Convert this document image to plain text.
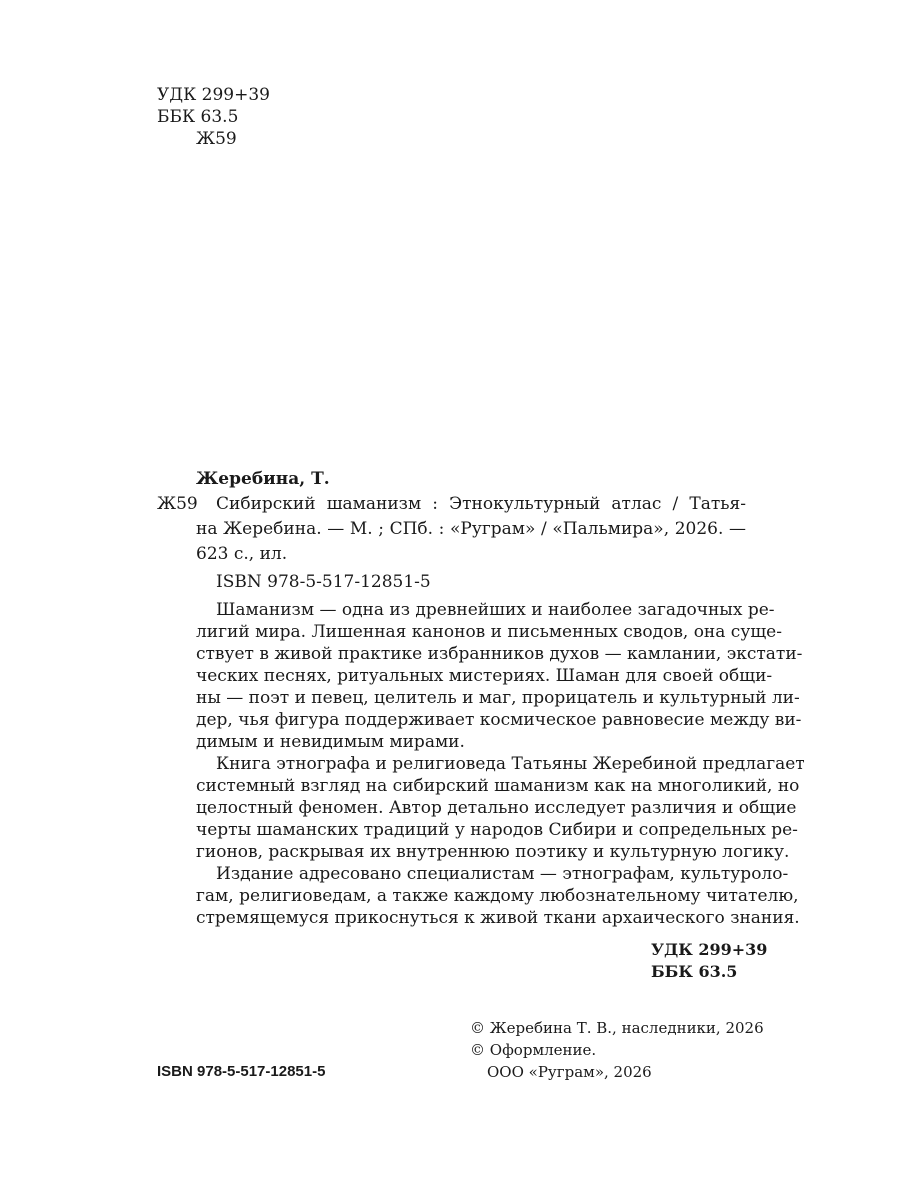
УДК 299+39
ББК 63.5
Ж59
Жеребина, Т.
Ж59 Сибирский шаманизм : Этнокультурный атлас / Татья-
на Жеребина. — М. ; СПб. : «Руграм» / «Пальмира», 2026. —
623 с., ил.
ISBN 978-5-517-12851-5
Шаманизм — одна из древнейших и наиболее загадочных ре-
лигий мира. Лишенная канонов и письменных сводов, она суще-
ствует в живой практике избранников духов — камлании, экстати-
ческих песнях, ритуальных мистериях. Шаман для своей общи-
ны — поэт и певец, целитель и маг, прорицатель и культурный ли-
дер, чья фигура поддерживает космическое равновесие между ви-
димым и невидимым мирами.
Книга этнографа и религиоведа Татьяны Жеребиной предлагает
системный взгляд на сибирский шаманизм как на многоликий, но
целостный феномен. Автор детально исследует различия и общие
черты шаманских традиций у народов Сибири и сопредельных ре-
гионов, раскрывая их внутреннюю поэтику и культурную логику.
Издание адресовано специалистам — этнографам, культуроло-
гам, религиоведам, а также каждому любознательному читателю,
стремящемуся прикоснуться к живой ткани архаического знания.
УДК 299+39
ББК 63.5
© Жеребина Т. В., наследники, 2026
© Оформление.
ISBN 978-5-517-12851-5	ООО «Руграм», 2026
